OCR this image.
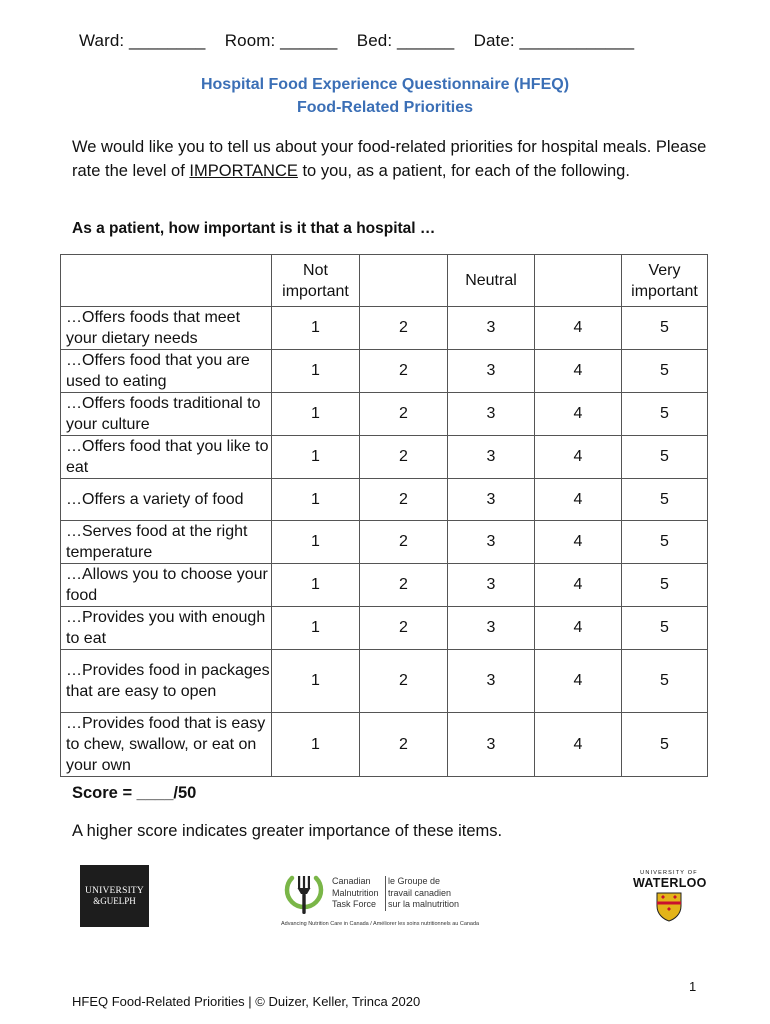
Ward: ________    Room: ______    Bed: ______    Date: ____________
Hospital Food Experience Questionnaire (HFEQ)
Food-Related Priorities
We would like you to tell us about your food-related priorities for hospital meals. Please rate the level of IMPORTANCE to you, as a patient, for each of the following.
As a patient, how important is it that a hospital …
	Not important		Neutral		Very important
…Offers foods that meet your dietary needs	1	2	3	4	5
…Offers food that you are used to eating	1	2	3	4	5
…Offers foods traditional to your culture	1	2	3	4	5
…Offers food that you like to eat	1	2	3	4	5
…Offers a variety of food	1	2	3	4	5
…Serves food at the right temperature	1	2	3	4	5
…Allows you to choose your food	1	2	3	4	5
…Provides you with enough to eat	1	2	3	4	5
…Provides food in packages that are easy to open	1	2	3	4	5
…Provides food that is easy to chew, swallow, or eat on your own	1	2	3	4	5
Score = ____/50
A higher score indicates greater importance of these items.
UNIVERSITY
&GUELPH
Canadian
Malnutrition
Task Force
le Groupe de
travail canadien
sur la malnutrition
Advancing Nutrition Care in Canada / Améliorer les soins nutritionnels au Canada
UNIVERSITY OF
WATERLOO
1
HFEQ Food-Related Priorities | © Duizer, Keller, Trinca 2020
